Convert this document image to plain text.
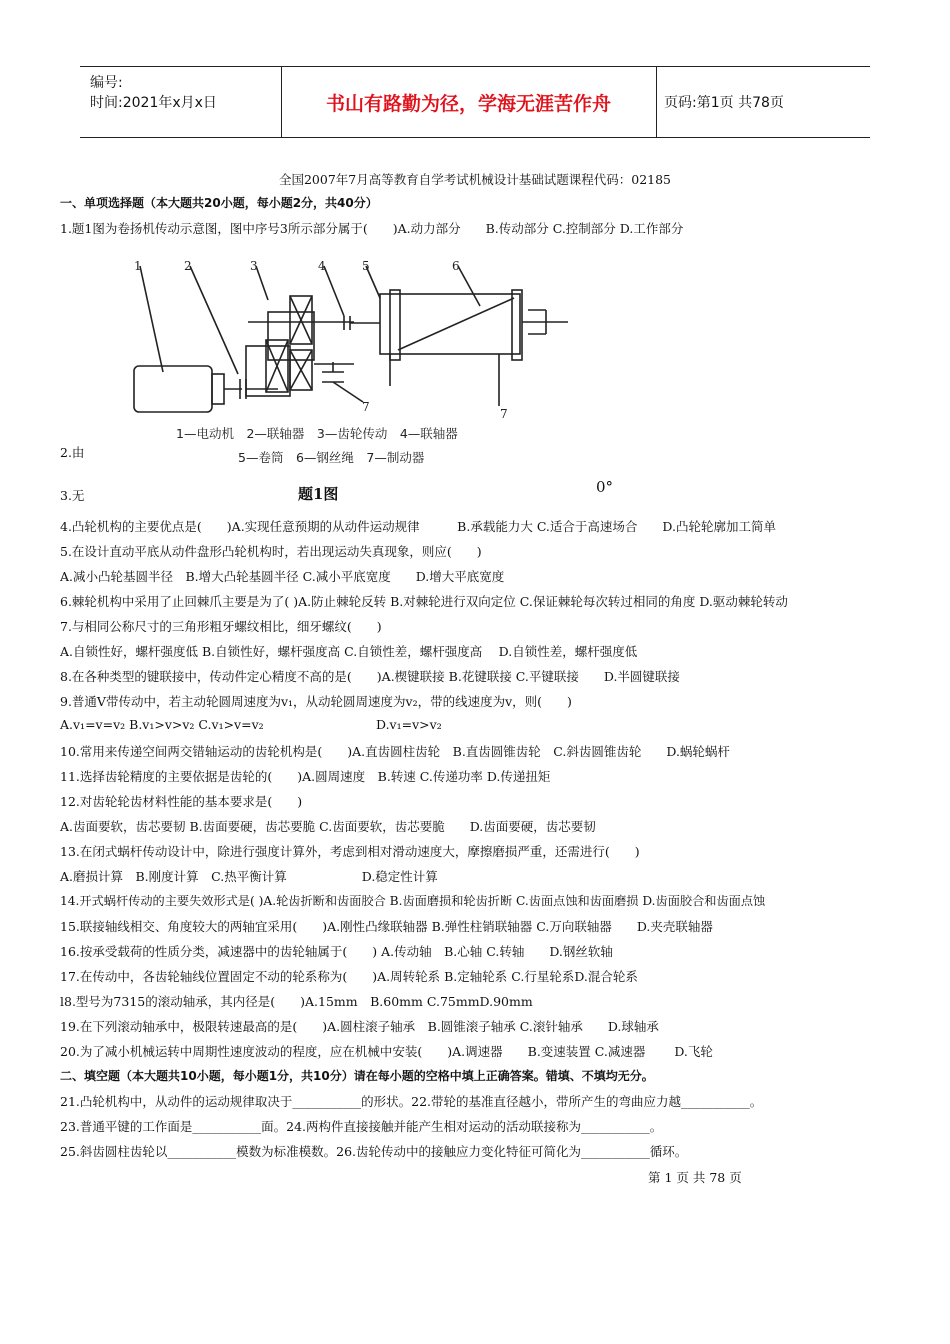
编号:
时间:2021年x月x日	书山有路勤为径，学海无涯苦作舟	页码:第1页 共78页
全国2007年7月高等教育自学考试机械设计基础试题课程代码：02185
一、单项选择题（本大题共20小题，每小题2分，共40分）
1.题1图为卷扬机传动示意图，图中序号3所示部分属于(　　)A.动力部分　　B.传动部分 C.控制部分 D.工作部分
1	2	3	4	5	6
7	7
1—电动机　2—联轴器　3—齿轮传动　4—联轴器
5—卷筒　6—钢丝绳　7—制动器
2.由
3.无	题1图	0°
4.凸轮机构的主要优点是(　　)A.实现任意预期的从动件运动规律　　　B.承载能力大 C.适合于高速场合　　D.凸轮轮廓加工简单
5.在设计直动平底从动件盘形凸轮机构时，若出现运动失真现象，则应(　　)
A.减小凸轮基圆半径　B.增大凸轮基圆半径 C.减小平底宽度　　D.增大平底宽度
6.棘轮机构中采用了止回棘爪主要是为了( )A.防止棘轮反转 B.对棘轮进行双向定位 C.保证棘轮每次转过相同的角度 D.驱动棘轮转动
7.与相同公称尺寸的三角形粗牙螺纹相比，细牙螺纹(　　)
A.自锁性好，螺杆强度低 B.自锁性好，螺杆强度高 C.自锁性差，螺杆强度高　 D.自锁性差，螺杆强度低
8.在各种类型的键联接中，传动件定心精度不高的是(　　)A.楔键联接 B.花键联接 C.平键联接　　D.半圆键联接
9.普通V带传动中，若主动轮圆周速度为v₁，从动轮圆周速度为v₂，带的线速度为v，则(　　)
A.v₁=v=v₂ B.v₁>v>v₂ C.v₁>v=v₂	D.v₁=v>v₂
10.常用来传递空间两交错轴运动的齿轮机构是(　　)A.直齿圆柱齿轮　B.直齿圆锥齿轮　C.斜齿圆锥齿轮　　D.蜗轮蜗杆
11.选择齿轮精度的主要依据是齿轮的(　　)A.圆周速度　B.转速 C.传递功率 D.传递扭矩
12.对齿轮轮齿材料性能的基本要求是(　　)
A.齿面要软，齿芯要韧 B.齿面要硬，齿芯要脆 C.齿面要软，齿芯要脆　　D.齿面要硬，齿芯要韧
13.在闭式蜗杆传动设计中，除进行强度计算外，考虑到相对滑动速度大，摩擦磨损严重，还需进行(　　)
A.磨损计算　B.刚度计算　C.热平衡计算　　　　　　D.稳定性计算
14.开式蜗杆传动的主要失效形式是( )A.轮齿折断和齿面胶合 B.齿面磨损和轮齿折断 C.齿面点蚀和齿面磨损 D.齿面胶合和齿面点蚀
15.联接轴线相交、角度较大的两轴宜采用(　　)A.刚性凸缘联轴器 B.弹性柱销联轴器 C.万向联轴器　　D.夹壳联轴器
16.按承受载荷的性质分类，减速器中的齿轮轴属于(　　) A.传动轴　B.心轴 C.转轴　　D.钢丝软轴
17.在传动中，各齿轮轴线位置固定不动的轮系称为(　　)A.周转轮系 B.定轴轮系 C.行星轮系D.混合轮系
l8.型号为7315的滚动轴承，其内径是(　　)A.15mm　B.60mm C.75mmD.90mm
19.在下列滚动轴承中，极限转速最高的是(　　)A.圆柱滚子轴承　B.圆锥滚子轴承 C.滚针轴承　　D.球轴承
20.为了减小机械运转中周期性速度波动的程度，应在机械中安装(　　)A.调速器　　B.变速装置 C.减速器　　 D.飞轮
二、填空题（本大题共10小题，每小题1分，共10分）请在每小题的空格中填上正确答案。错填、不填均无分。
21.凸轮机构中，从动件的运动规律取决于___________的形状。22.带轮的基准直径越小，带所产生的弯曲应力越___________。
23.普通平键的工作面是___________面。24.两构件直接接触并能产生相对运动的活动联接称为___________。
25.斜齿圆柱齿轮以___________模数为标准模数。26.齿轮传动中的接触应力变化特征可简化为___________循环。
第 1 页 共 78 页
